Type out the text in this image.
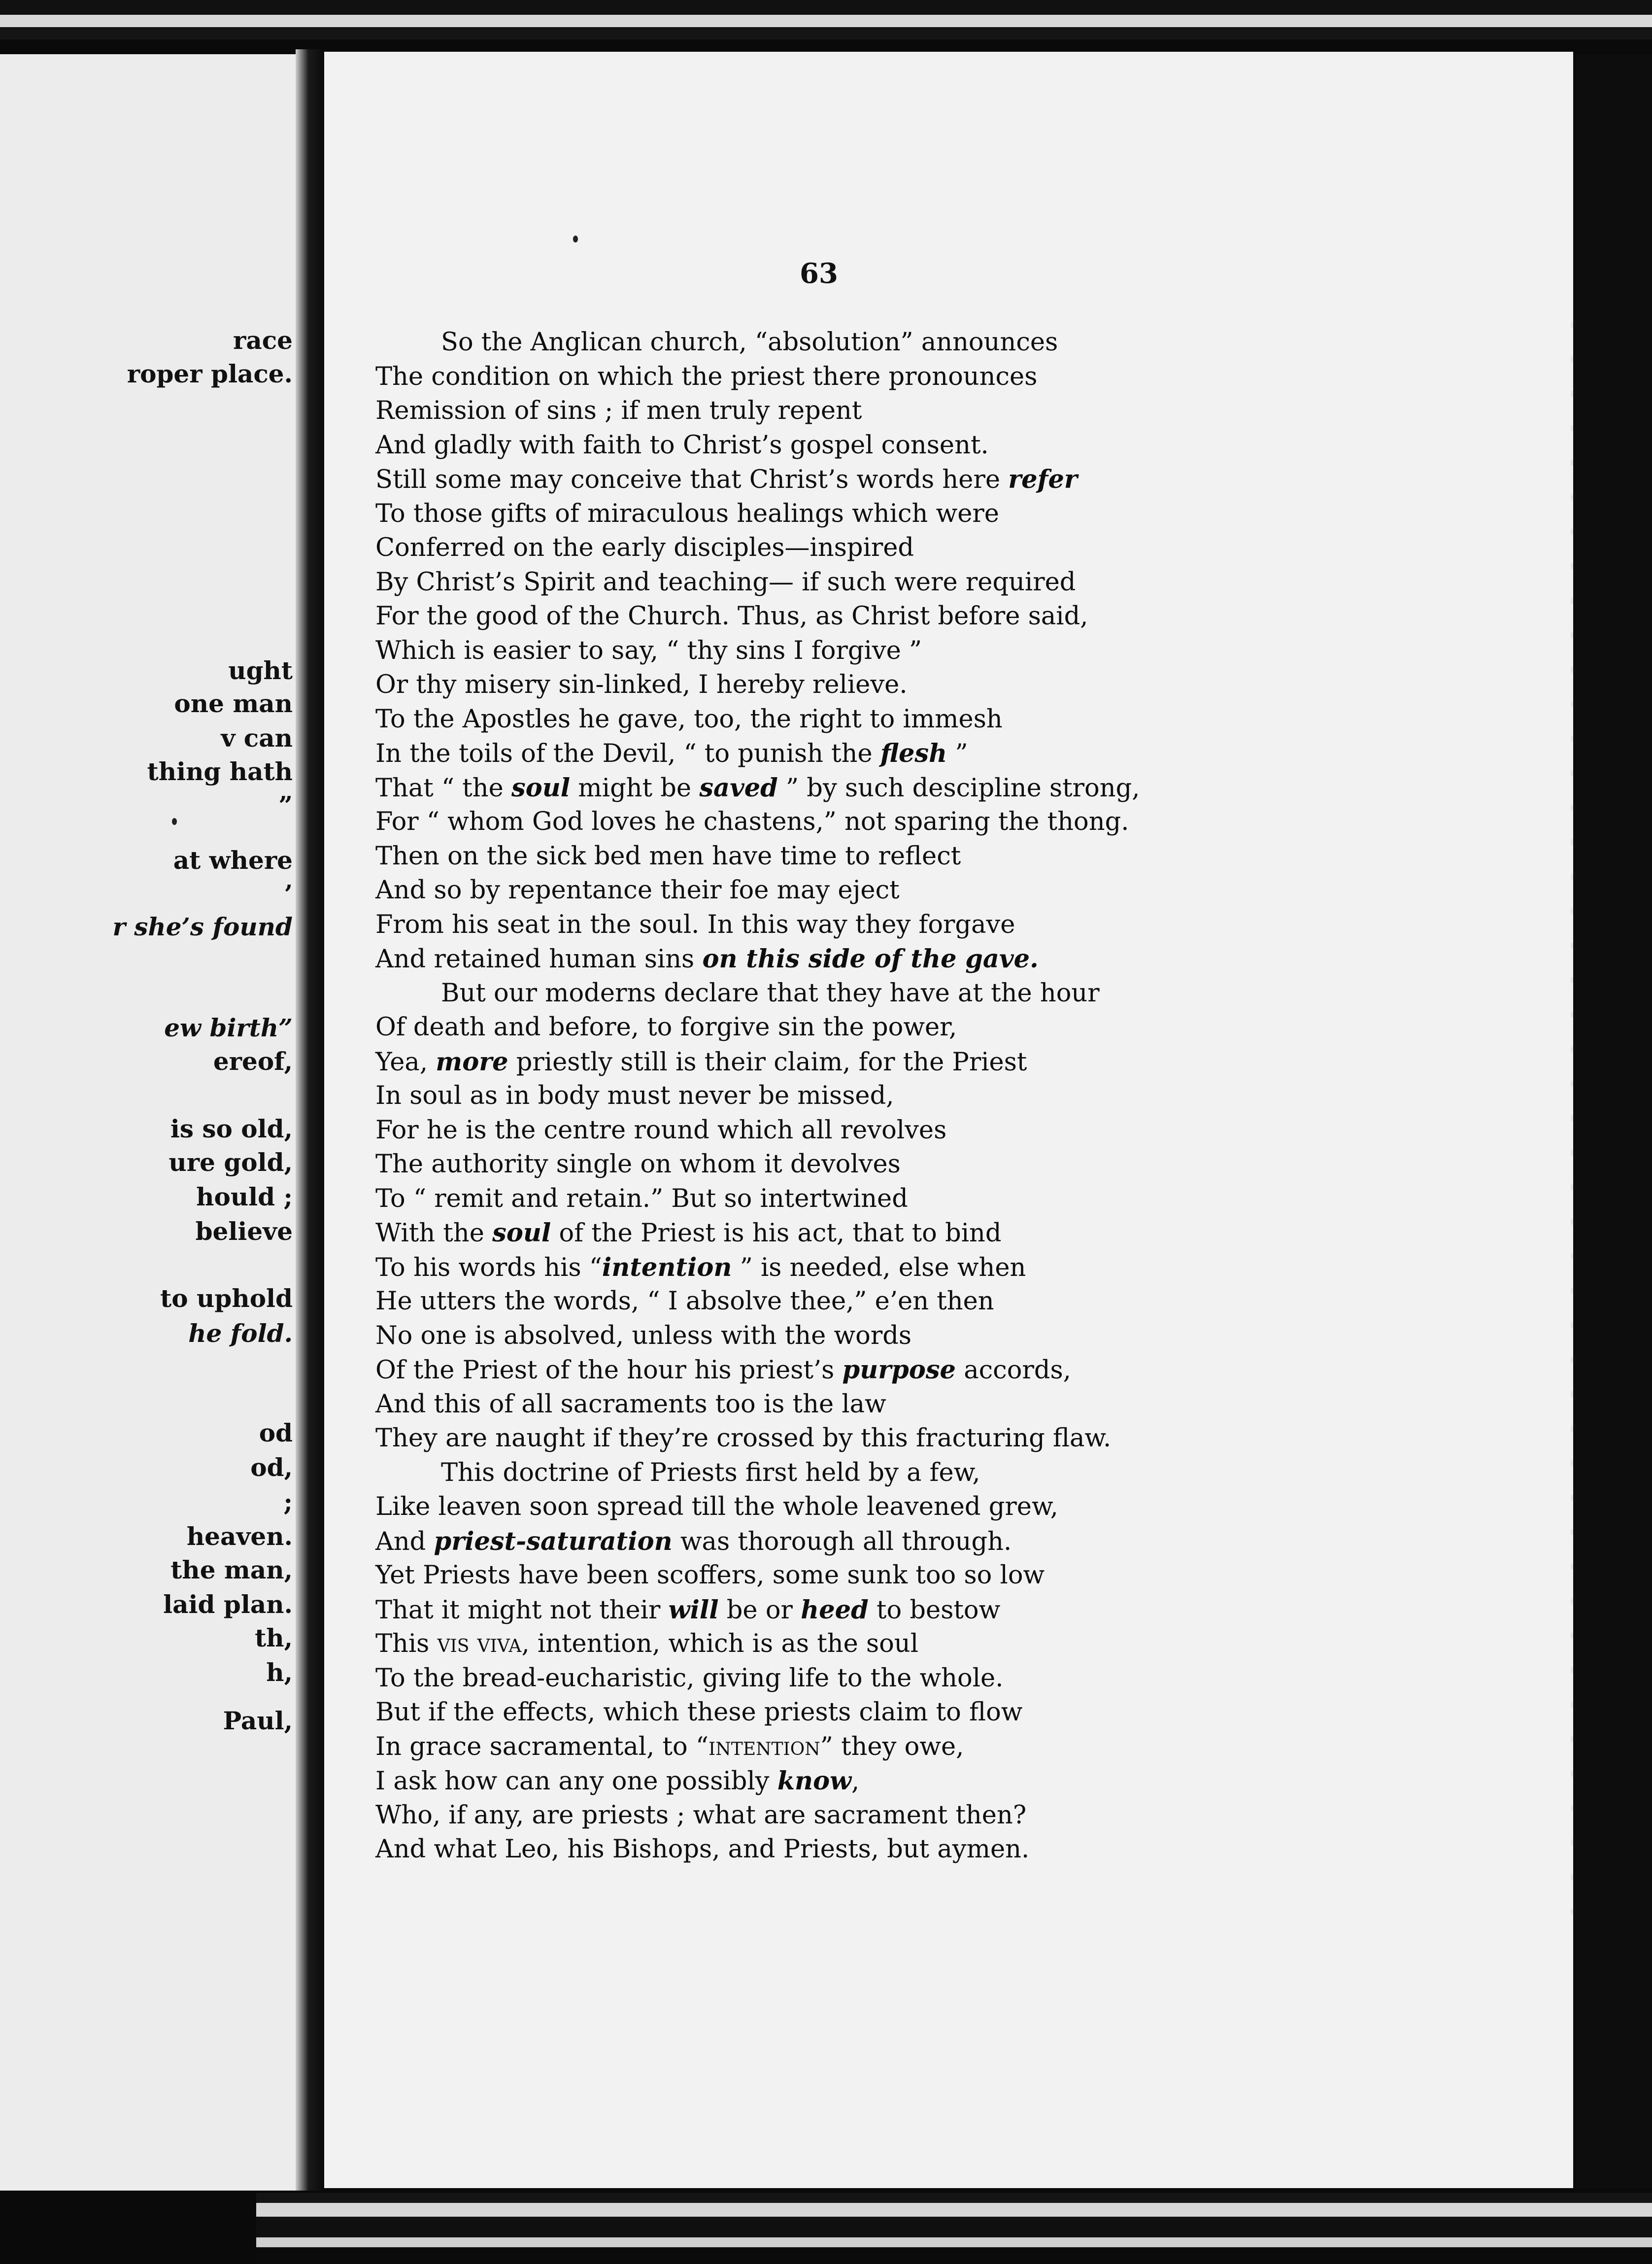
race
roper place.
ught
one man
v can
thing hath
”
at where
’
r she’s found
ew birth”
ereof,
is so old,
ure gold,
hould ;
believe
to uphold
he fold.
od
od,
;
heaven.
the man,
laid plan.
th,
h,
Paul,
63
So the Anglican church, “absolution” announces
The condition on which the priest there pronounces
Remission of sins ; if men truly repent
And gladly with faith to Christ’s gospel consent.
Still some may conceive that Christ’s words here refer
To those gifts of miraculous healings which were
Conferred on the early disciples—inspired
By Christ’s Spirit and teaching— if such were required
For the good of the Church. Thus, as Christ before said,
Which is easier to say, “ thy sins I forgive ”
Or thy misery sin-linked, I hereby relieve.
To the Apostles he gave, too, the right to immesh
In the toils of the Devil, “ to punish the flesh ”
That “ the soul might be saved ” by such descipline strong,
For “ whom God loves he chastens,” not sparing the thong.
Then on the sick bed men have time to reflect
And so by repentance their foe may eject
From his seat in the soul. In this way they forgave
And retained human sins on this side of the gave.
But our moderns declare that they have at the hour
Of death and before, to forgive sin the power,
Yea, more priestly still is their claim, for the Priest
In soul as in body must never be missed,
For he is the centre round which all revolves
The authority single on whom it devolves
To “ remit and retain.” But so intertwined
With the soul of the Priest is his act, that to bind
To his words his “intention ” is needed, else when
He utters the words, “ I absolve thee,” e’en then
No one is absolved, unless with the words
Of the Priest of the hour his priest’s purpose accords,
And this of all sacraments too is the law
They are naught if they’re crossed by this fracturing flaw.
This doctrine of Priests first held by a few,
Like leaven soon spread till the whole leavened grew,
And priest-saturation was thorough all through.
Yet Priests have been scoffers, some sunk too so low
That it might not their will be or heed to bestow
This vis viva, intention, which is as the soul
To the bread-eucharistic, giving life to the whole.
But if the effects, which these priests claim to flow
In grace sacramental, to “intention” they owe,
I ask how can any one possibly know,
Who, if any, are priests ; what are sacrament then?
And what Leo, his Bishops, and Priests, but aymen.
